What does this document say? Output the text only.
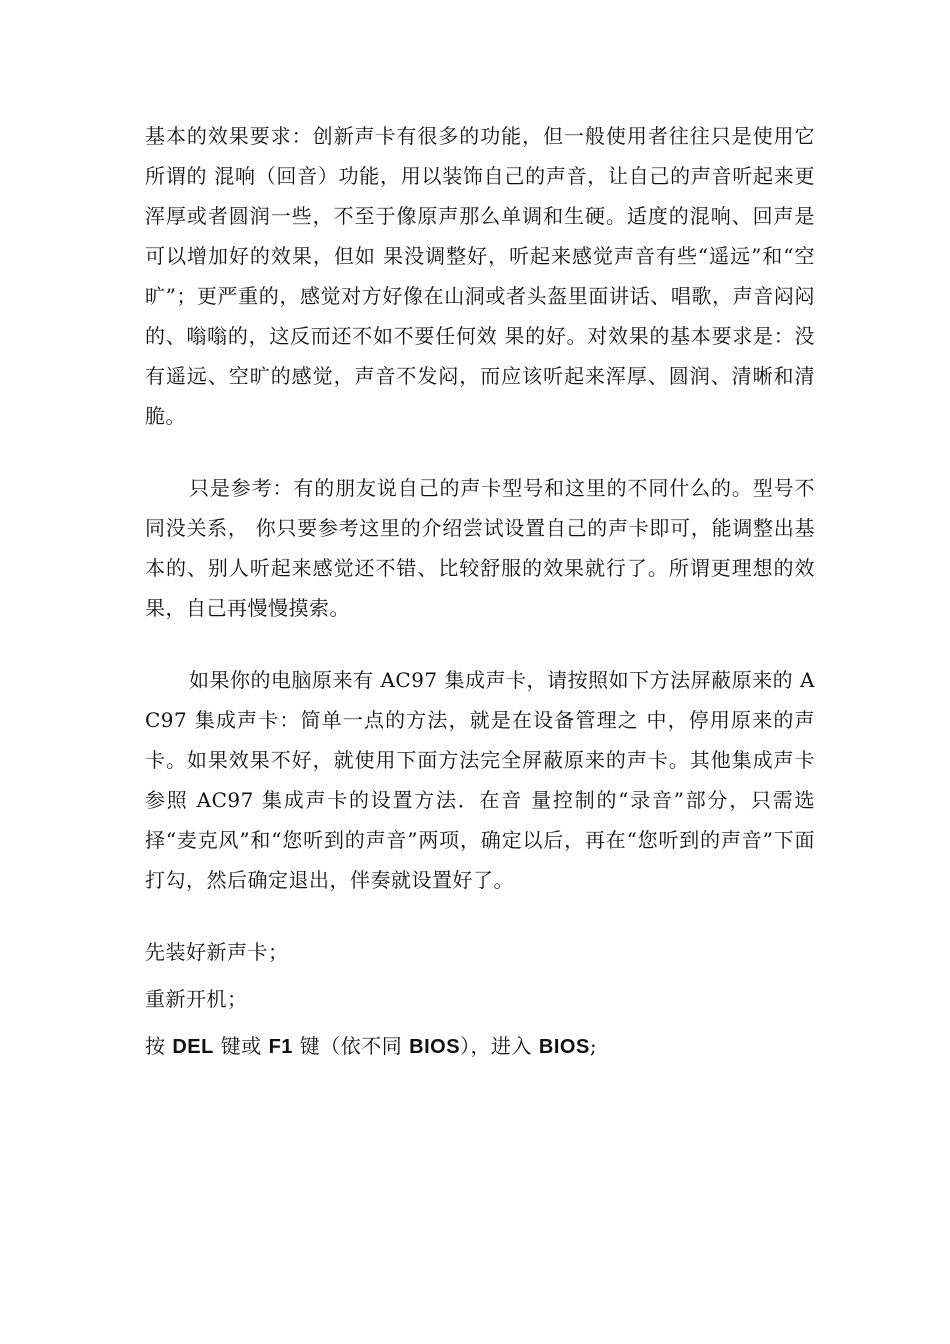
基本的效果要求：创新声卡有很多的功能，但一般使用者往往只是使用它所谓的 混响（回音）功能，用以装饰自己的声音，让自己的声音听起来更浑厚或者圆润一些，不至于像原声那么单调和生硬。适度的混响、回声是可以增加好的效果，但如 果没调整好，听起来感觉声音有些“遥远”和“空旷”；更严重的，感觉对方好像在山洞或者头盔里面讲话、唱歌，声音闷闷的、嗡嗡的，这反而还不如不要任何效 果的好。对效果的基本要求是：没有遥远、空旷的感觉，声音不发闷，而应该听起来浑厚、圆润、清晰和清脆。

只是参考：有的朋友说自己的声卡型号和这里的不同什么的。型号不同没关系， 你只要参考这里的介绍尝试设置自己的声卡即可，能调整出基本的、别人听起来感觉还不错、比较舒服的效果就行了。所谓更理想的效果，自己再慢慢摸索。

如果你的电脑原来有 AC97 集成声卡，请按照如下方法屏蔽原来的 AC97 集成声卡：简单一点的方法，就是在设备管理之 中，停用原来的声卡。如果效果不好，就使用下面方法完全屏蔽原来的声卡。其他集成声卡参照 AC97 集成声卡的设置方法．在音 量控制的“录音”部分，只需选择“麦克风”和“您听到的声音”两项，确定以后，再在“您听到的声音”下面打勾，然后确定退出，伴奏就设置好了。

先装好新声卡；

重新开机；

按 DEL 键或 F1 键（依不同 BIOS），进入 BIOS;
